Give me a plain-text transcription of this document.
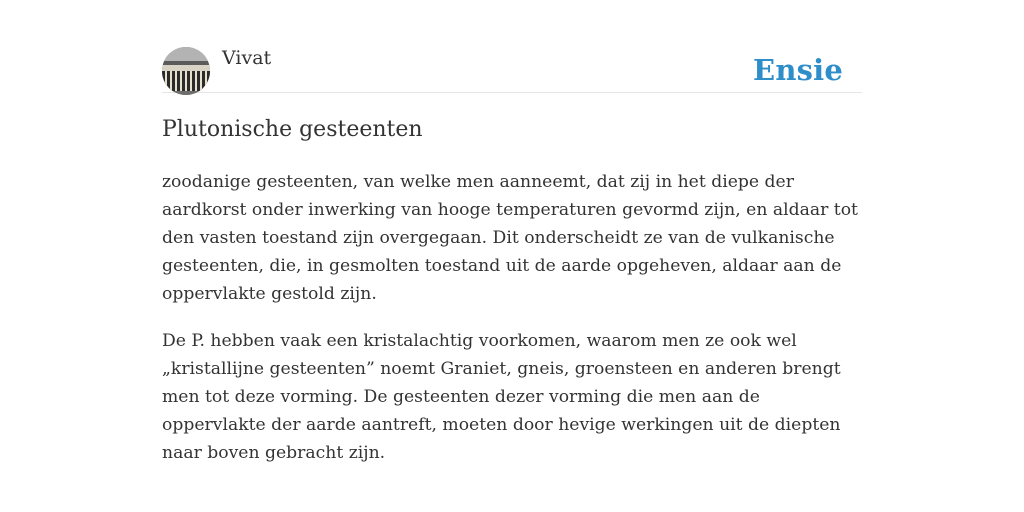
Vivat	Ensie
Plutonische gesteenten

zoodanige gesteenten, van welke men aanneemt, dat zij in het diepe der aardkorst onder inwerking van hooge temperaturen gevormd zijn, en aldaar tot den vasten toestand zijn overgegaan. Dit onderscheidt ze van de vulkanische gesteenten, die, in gesmolten toestand uit de aarde opgeheven, aldaar aan de oppervlakte gestold zijn.

De P. hebben vaak een kristalachtig voorkomen, waarom men ze ook wel „kristallijne gesteenten” noemt Graniet, gneis, groensteen en anderen brengt men tot deze vorming. De gesteenten dezer vorming die men aan de oppervlakte der aarde aantreft, moeten door hevige werkingen uit de diepten naar boven gebracht zijn.
